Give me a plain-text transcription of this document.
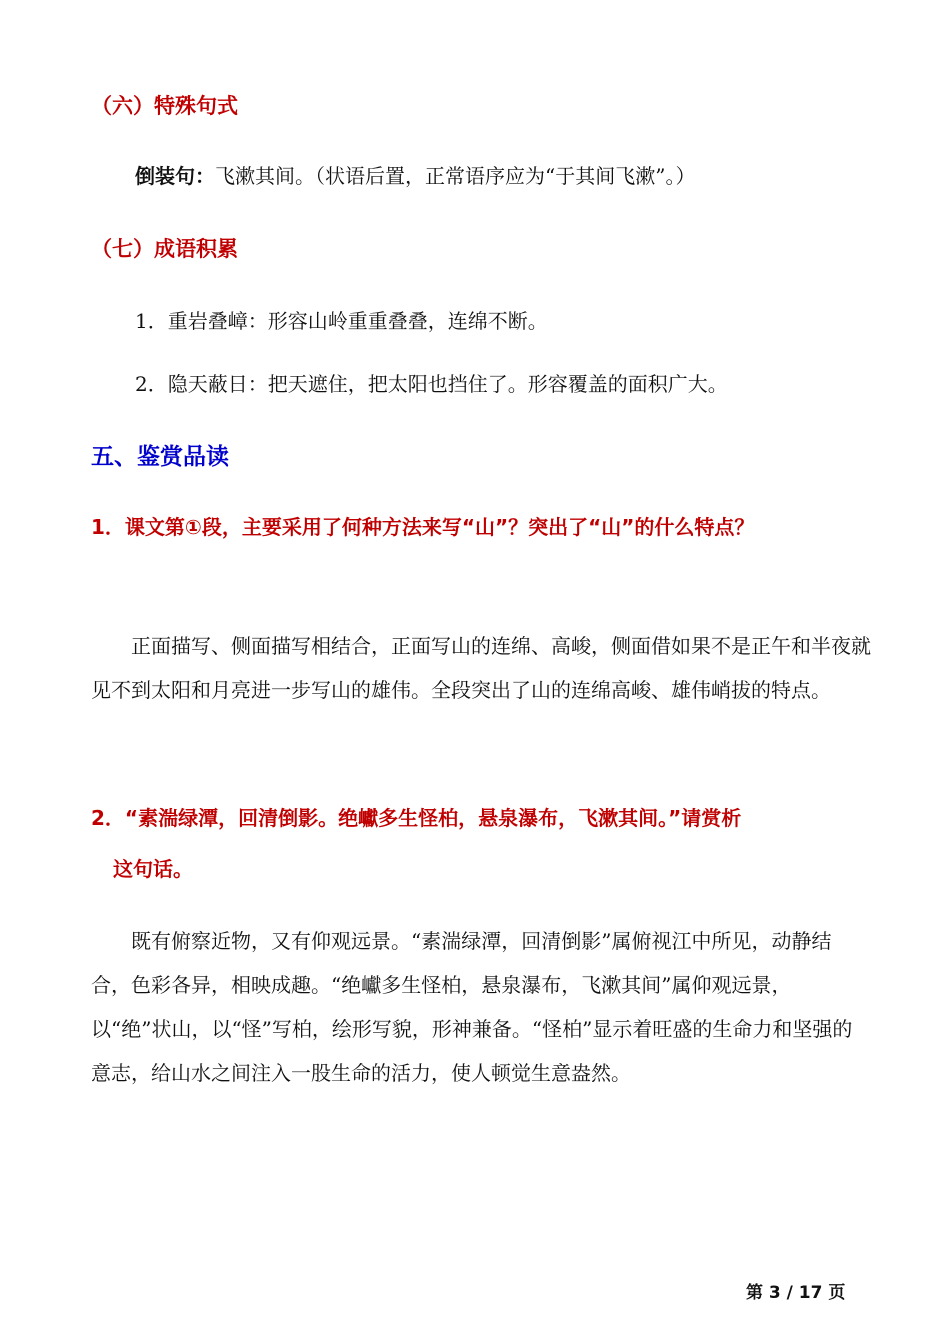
（六）特殊句式
倒装句：飞漱其间。（状语后置，正常语序应为“于其间飞漱”。）
（七）成语积累
1．重岩叠嶂：形容山岭重重叠叠，连绵不断。
2．隐天蔽日：把天遮住，把太阳也挡住了。形容覆盖的面积广大。
五、鉴赏品读
1．课文第①段，主要采用了何种方法来写“山”？突出了“山”的什么特点？
正面描写、侧面描写相结合，正面写山的连绵、高峻，侧面借如果不是正午和半夜就见不到太阳和月亮进一步写山的雄伟。全段突出了山的连绵高峻、雄伟峭拔的特点。
2．“素湍绿潭，回清倒影。绝巘多生怪柏，悬泉瀑布，飞漱其间。”请赏析
这句话。
既有俯察近物，又有仰观远景。“素湍绿潭，回清倒影”属俯视江中所见，动静结合，色彩各异，相映成趣。“绝巘多生怪柏，悬泉瀑布，飞漱其间”属仰观远景，以“绝”状山，以“怪”写柏，绘形写貌，形神兼备。“怪柏”显示着旺盛的生命力和坚强的意志，给山水之间注入一股生命的活力，使人顿觉生意盎然。
第 3 / 17 页
